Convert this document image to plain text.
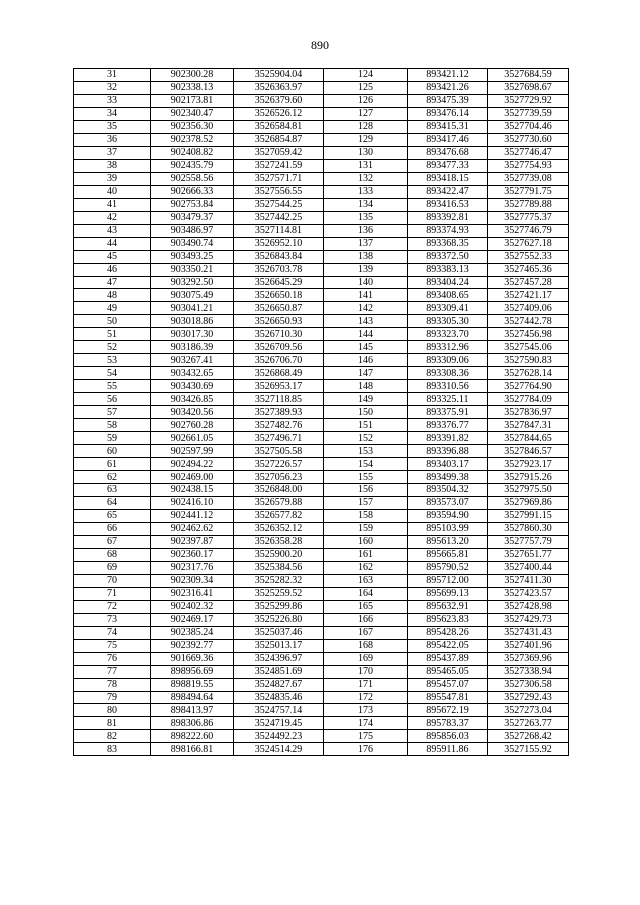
890
31	902300.28	3525904.04	124	893421.12	3527684.59
32	902338.13	3526363.97	125	893421.26	3527698.67
33	902173.81	3526379.60	126	893475.39	3527729.92
34	902340.47	3526526.12	127	893476.14	3527739.59
35	902356.30	3526584.81	128	893415.31	3527704.46
36	902378.52	3526854.87	129	893417.46	3527730.60
37	902408.82	3527059.42	130	893476.68	3527746.47
38	902435.79	3527241.59	131	893477.33	3527754.93
39	902558.56	3527571.71	132	893418.15	3527739.08
40	902666.33	3527556.55	133	893422.47	3527791.75
41	902753.84	3527544.25	134	893416.53	3527789.88
42	903479.37	3527442.25	135	893392.81	3527775.37
43	903486.97	3527114.81	136	893374.93	3527746.79
44	903490.74	3526952.10	137	893368.35	3527627.18
45	903493.25	3526843.84	138	893372.50	3527552.33
46	903350.21	3526703.78	139	893383.13	3527465.36
47	903292.50	3526645.29	140	893404.24	3527457.28
48	903075.49	3526650.18	141	893408.65	3527421.17
49	903041.21	3526650.87	142	893309.41	3527409.06
50	903018.86	3526650.93	143	893305.30	3527442.78
51	903017.30	3526710.30	144	893323.70	3527456.98
52	903186.39	3526709.56	145	893312.96	3527545.06
53	903267.41	3526706.70	146	893309.06	3527590.83
54	903432.65	3526868.49	147	893308.36	3527628.14
55	903430.69	3526953.17	148	893310.56	3527764.90
56	903426.85	3527118.85	149	893325.11	3527784.09
57	903420.56	3527389.93	150	893375.91	3527836.97
58	902760.28	3527482.76	151	893376.77	3527847.31
59	902661.05	3527496.71	152	893391.82	3527844.65
60	902597.99	3527505.58	153	893396.88	3527846.57
61	902494.22	3527226.57	154	893403.17	3527923.17
62	902469.00	3527056.23	155	893499.38	3527915.26
63	902438.15	3526848.00	156	893504.32	3527975.50
64	902416.10	3526579.88	157	893573.07	3527969.86
65	902441.12	3526577.82	158	893594.90	3527991.15
66	902462.62	3526352.12	159	895103.99	3527860.30
67	902397.87	3526358.28	160	895613.20	3527757.79
68	902360.17	3525900.20	161	895665.81	3527651.77
69	902317.76	3525384.56	162	895790.52	3527400.44
70	902309.34	3525282.32	163	895712.00	3527411.30
71	902316.41	3525259.52	164	895699.13	3527423.57
72	902402.32	3525299.86	165	895632.91	3527428.98
73	902469.17	3525226.80	166	895623.83	3527429.73
74	902385.24	3525037.46	167	895428.26	3527431.43
75	902392.77	3525013.17	168	895422.05	3527401.96
76	901669.36	3524396.97	169	895437.89	3527369.96
77	898956.69	3524851.69	170	895465.05	3527338.94
78	898819.55	3524827.67	171	895457.07	3527306.58
79	898494.64	3524835.46	172	895547.81	3527292.43
80	898413.97	3524757.14	173	895672.19	3527273.04
81	898306.86	3524719.45	174	895783.37	3527263.77
82	898222.60	3524492.23	175	895856.03	3527268.42
83	898166.81	3524514.29	176	895911.86	3527155.92
